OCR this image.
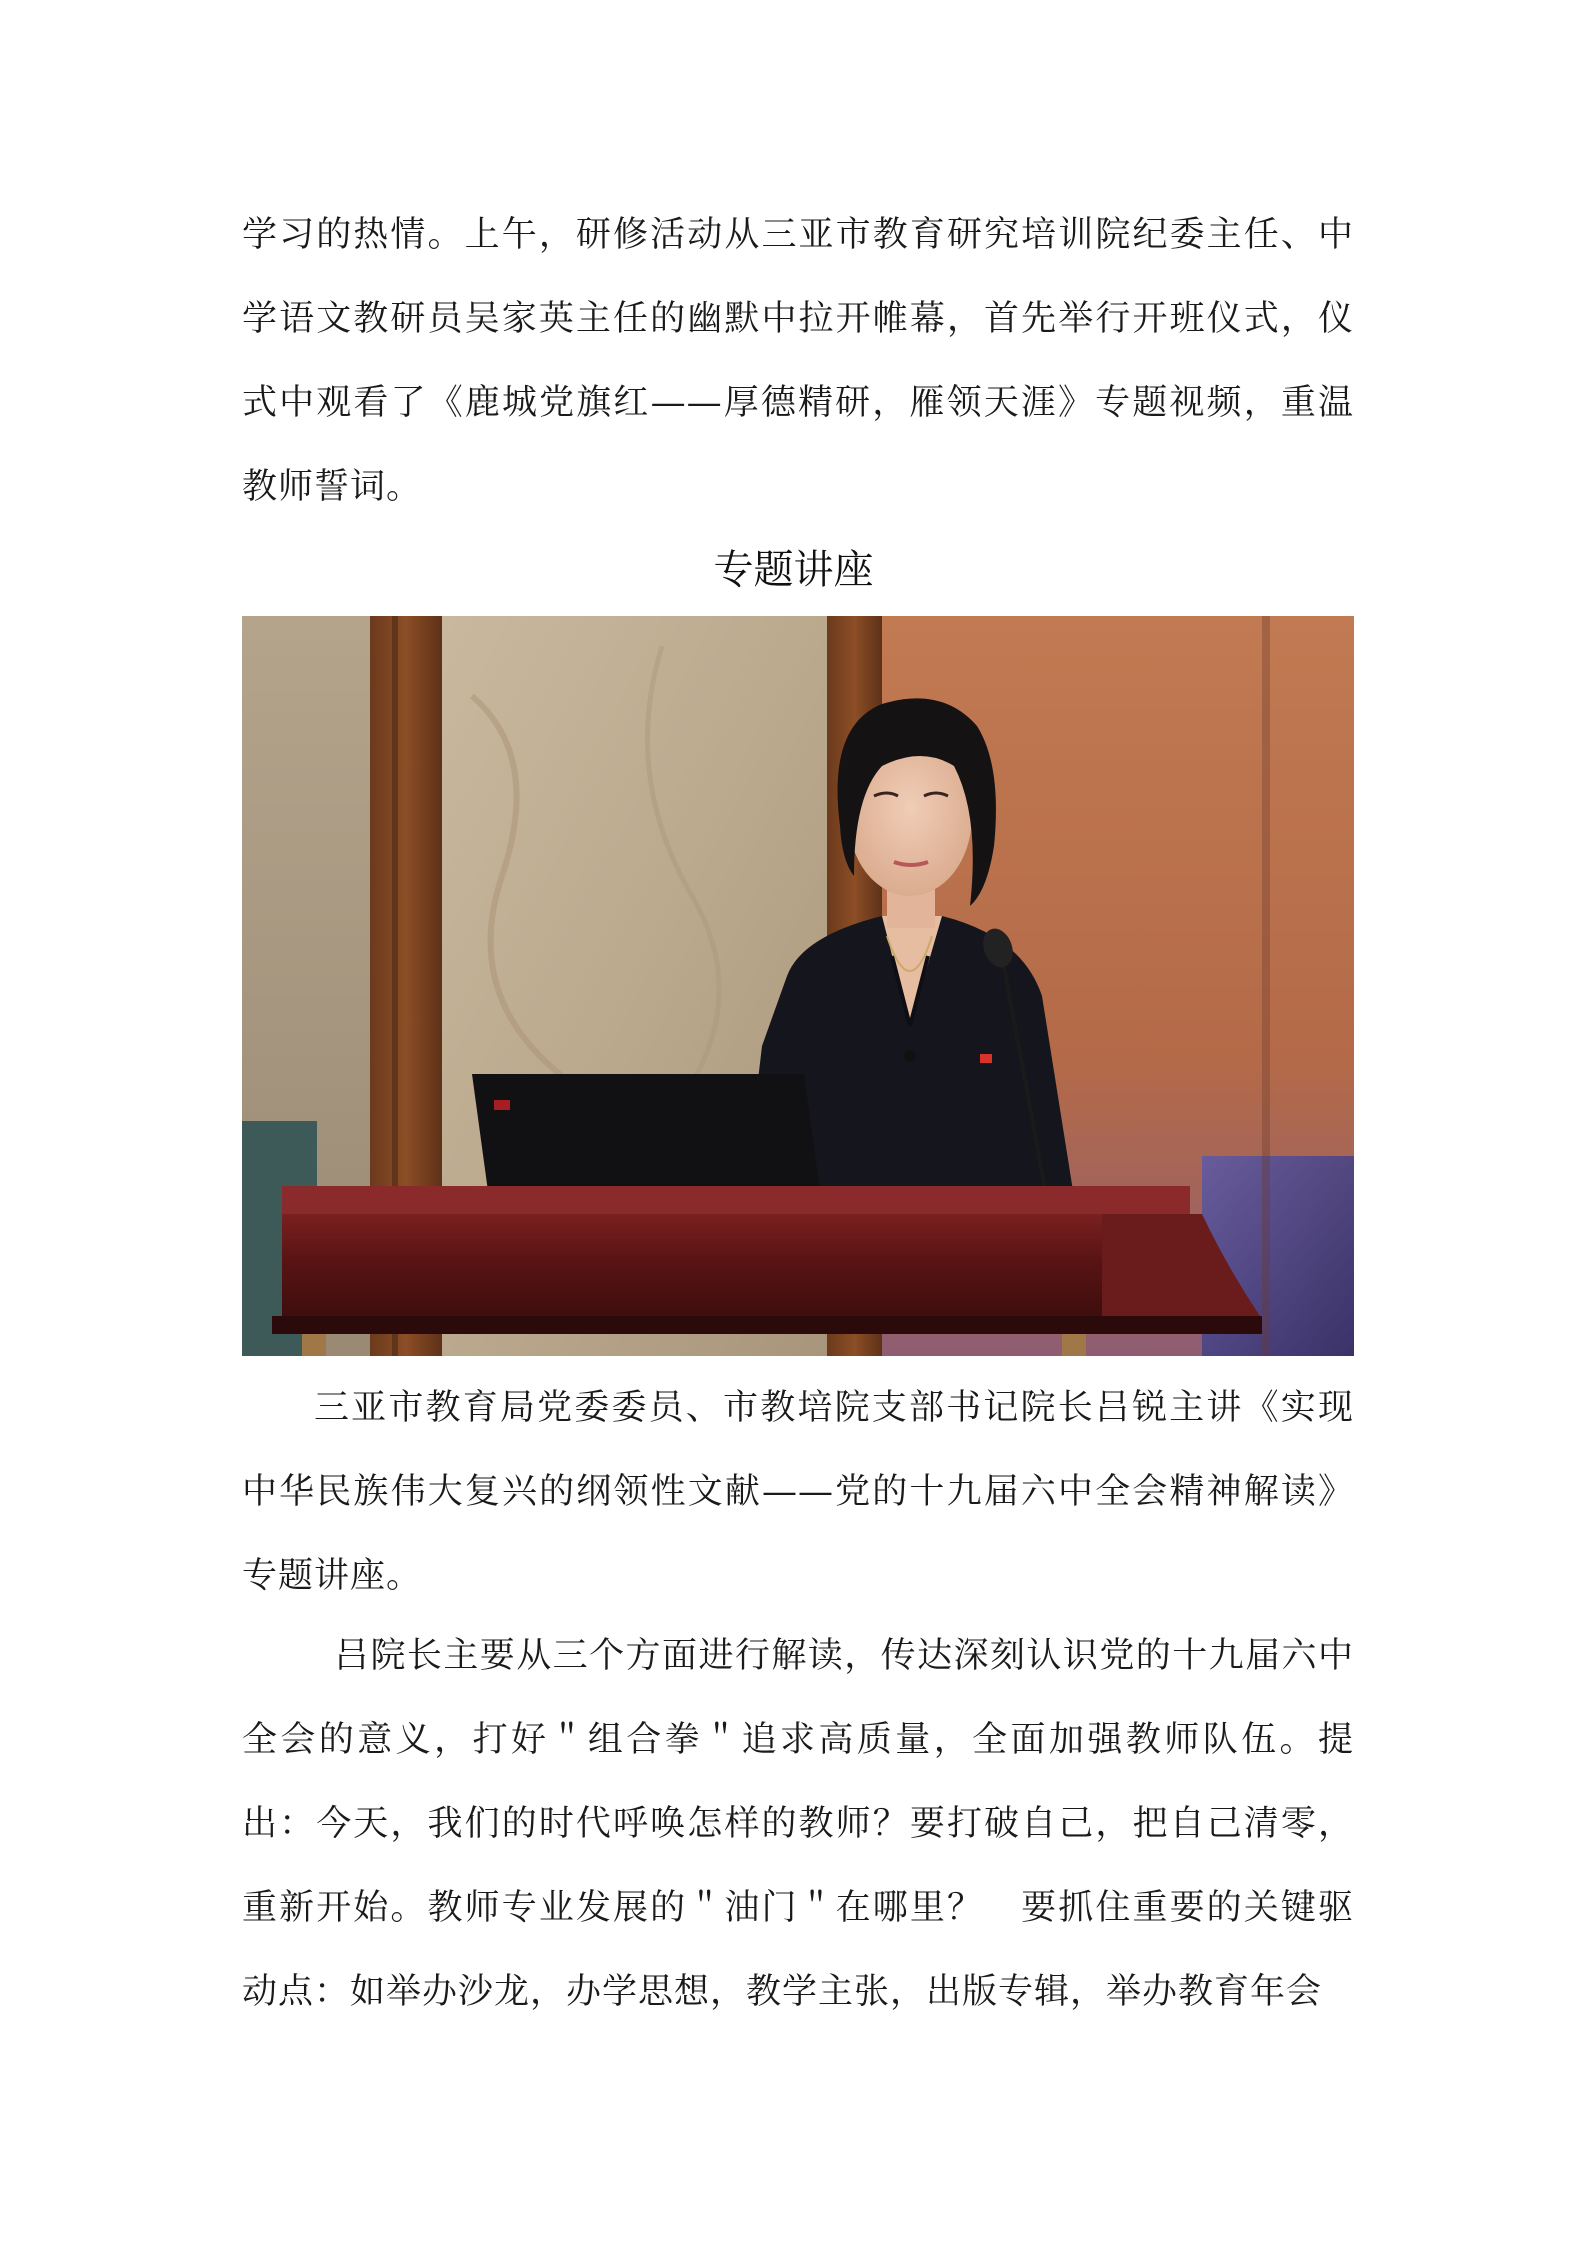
学习的热情。上午，研修活动从三亚市教育研究培训院纪委主任、中学语文教研员吴家英主任的幽默中拉开帷幕，首先举行开班仪式，仪式中观看了《鹿城党旗红——厚德精研，雁领天涯》专题视频，重温教师誓词。

专题讲座

三亚市教育局党委委员、市教培院支部书记院长吕锐主讲《实现中华民族伟大复兴的纲领性文献——党的十九届六中全会精神解读》专题讲座。

吕院长主要从三个方面进行解读，传达深刻认识党的十九届六中全会的意义，打好＂组合拳＂追求高质量，全面加强教师队伍。提出：今天，我们的时代呼唤怎样的教师？要打破自己，把自己清零，重新开始。教师专业发展的＂油门＂在哪里？　要抓住重要的关键驱动点：如举办沙龙，办学思想，教学主张，出版专辑，举办教育年会
